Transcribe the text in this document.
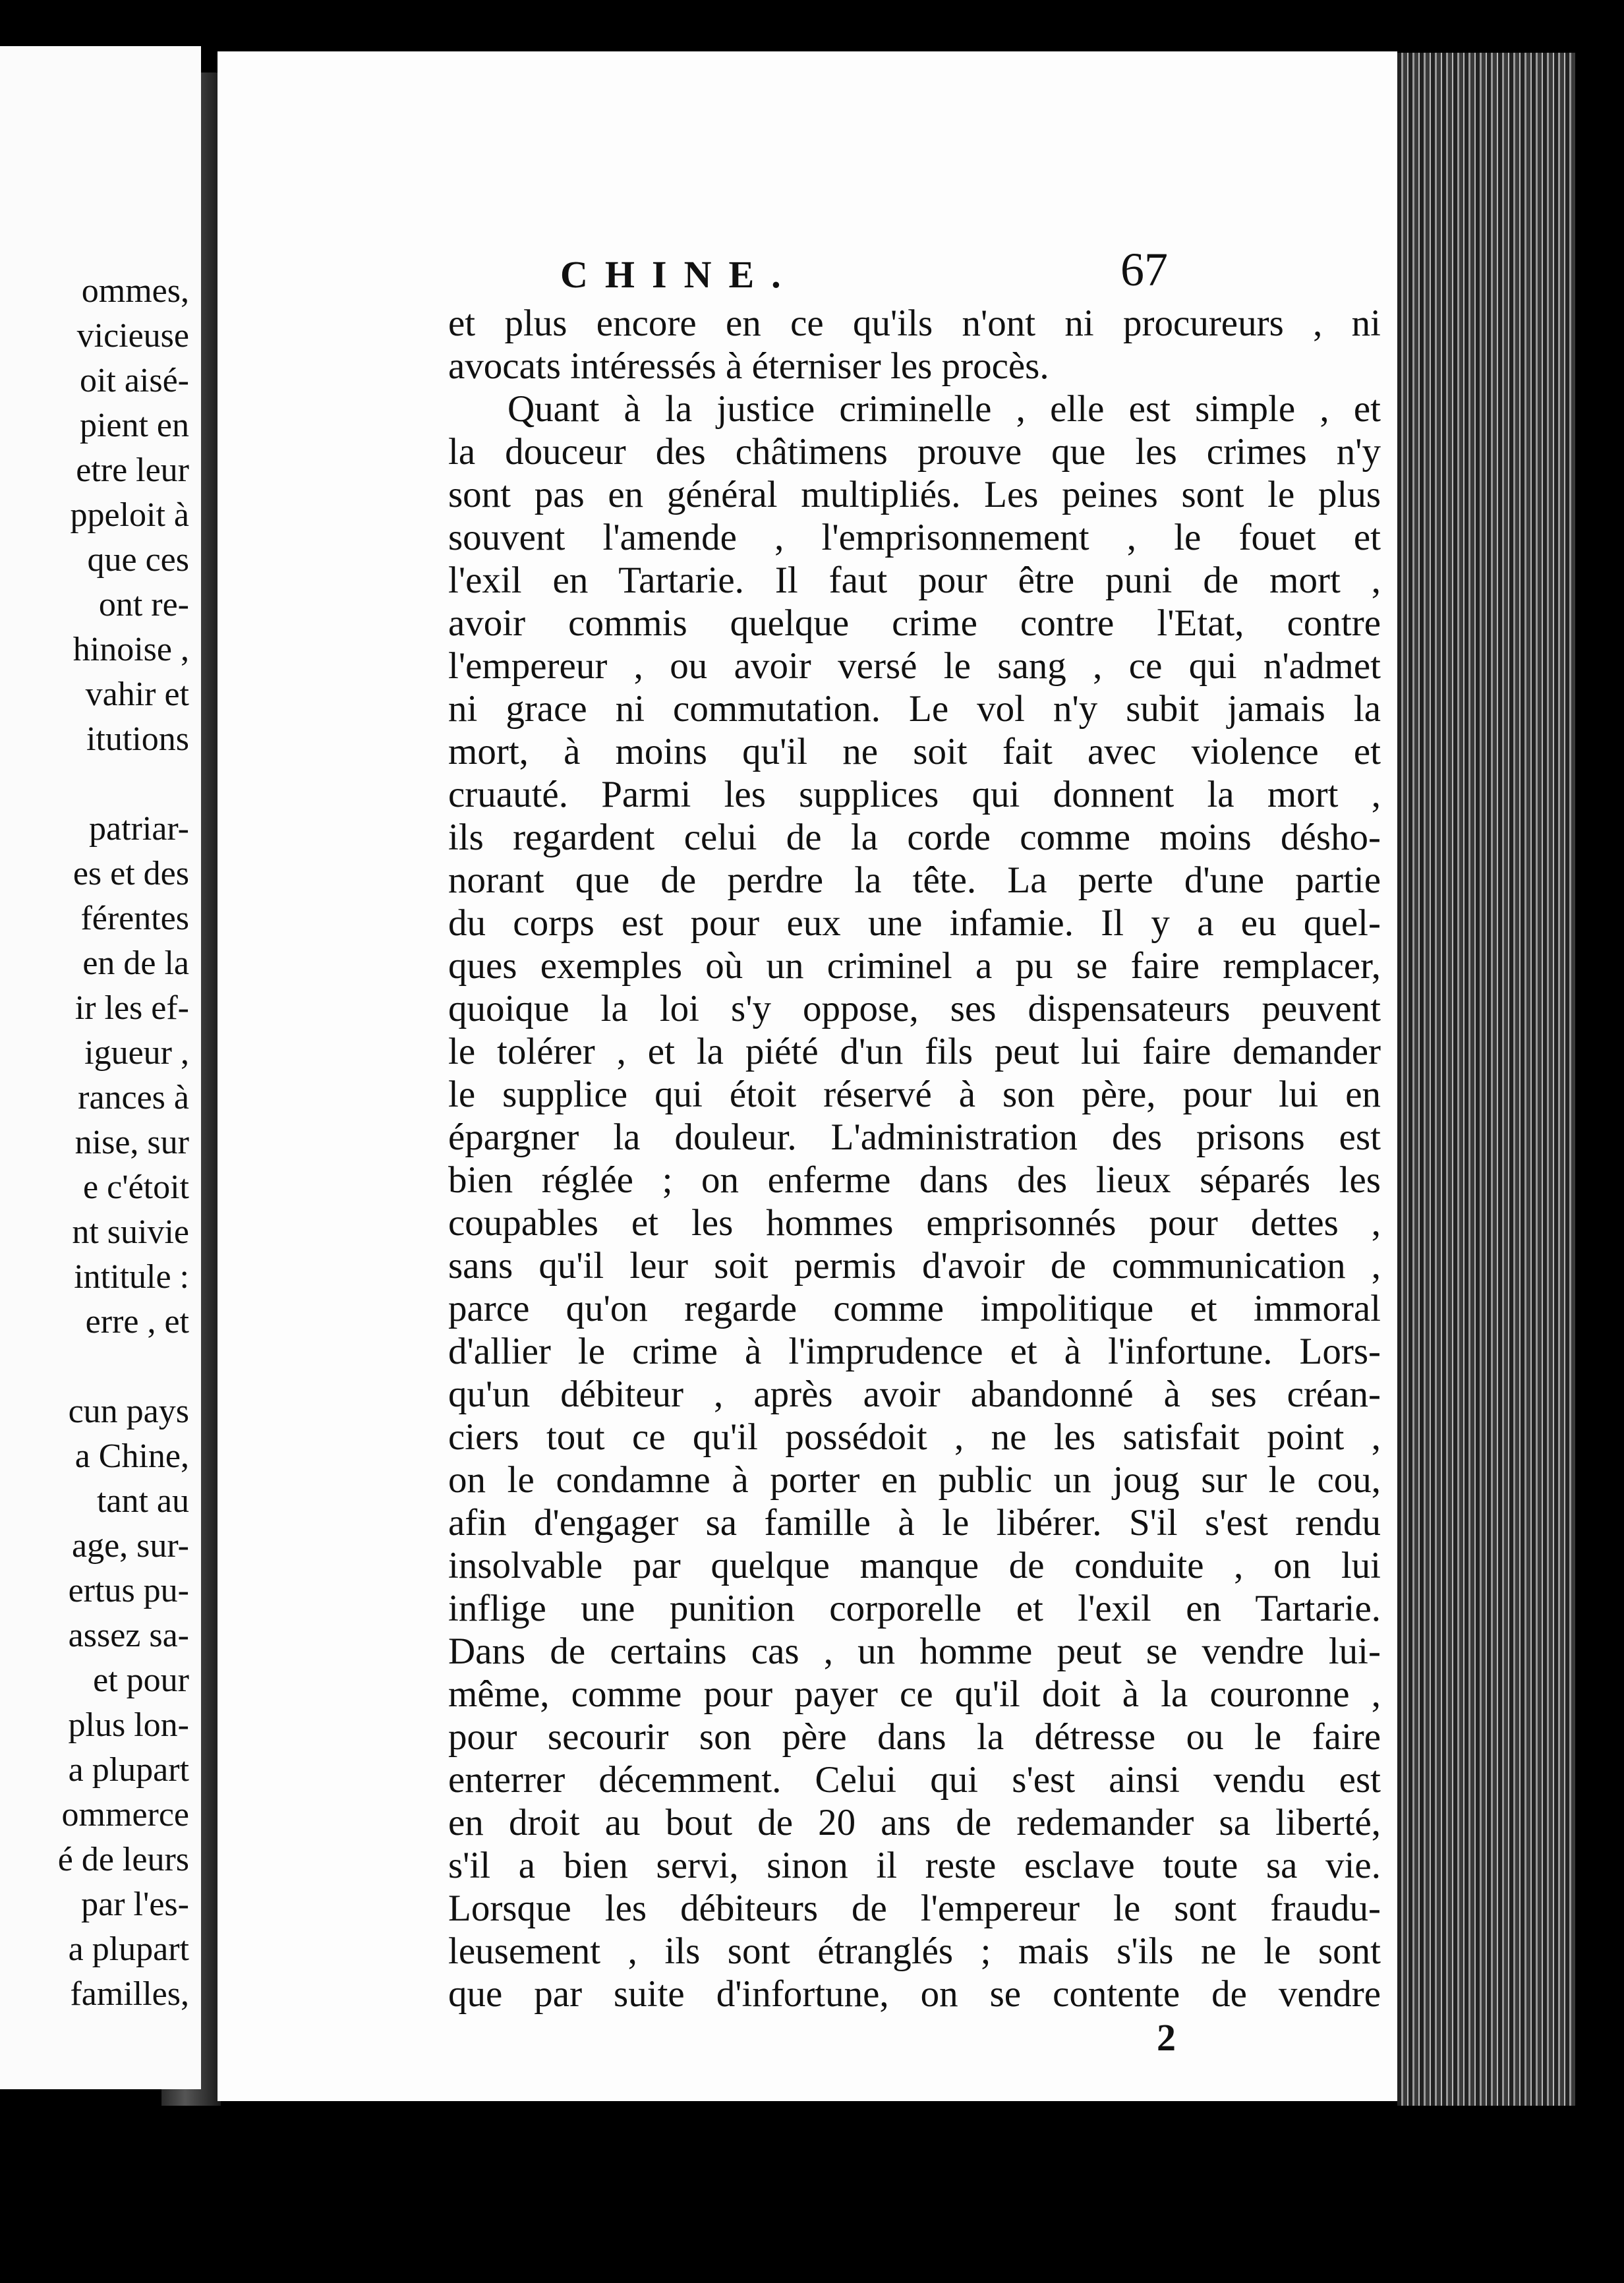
ommes,
vicieuse
oit aisé-
pient en
etre leur
ppeloit à
que ces
ont re-
hinoise ,
vahir et
itutions
patriar-
es et des
férentes
en de la
ir les ef-
igueur ,
rances à
nise, sur
e c'étoit
nt suivie
intitule :
erre , et
cun pays
a Chine,
tant au
age, sur-
ertus pu-
assez sa-
et pour
plus lon-
a plupart
ommerce
é de leurs
par l'es-
a plupart
familles,
CHINE.	67
et plus encore en ce qu'ils n'ont ni procureurs , ni
avocats intéressés à éterniser les procès.
Quant à la justice criminelle , elle est simple , et
la douceur des châtimens prouve que les crimes n'y
sont pas en général multipliés. Les peines sont le plus
souvent l'amende , l'emprisonnement , le fouet et
l'exil en Tartarie. Il faut pour être puni de mort ,
avoir commis quelque crime contre l'Etat, contre
l'empereur , ou avoir versé le sang , ce qui n'admet
ni grace ni commutation. Le vol n'y subit jamais la
mort, à moins qu'il ne soit fait avec violence et
cruauté. Parmi les supplices qui donnent la mort ,
ils regardent celui de la corde comme moins désho-
norant que de perdre la tête. La perte d'une partie
du corps est pour eux une infamie. Il y a eu quel-
ques exemples où un criminel a pu se faire remplacer,
quoique la loi s'y oppose, ses dispensateurs peuvent
le tolérer , et la piété d'un fils peut lui faire demander
le supplice qui étoit réservé à son père, pour lui en
épargner la douleur. L'administration des prisons est
bien réglée ; on enferme dans des lieux séparés les
coupables et les hommes emprisonnés pour dettes ,
sans qu'il leur soit permis d'avoir de communication ,
parce qu'on regarde comme impolitique et immoral
d'allier le crime à l'imprudence et à l'infortune. Lors-
qu'un débiteur , après avoir abandonné à ses créan-
ciers tout ce qu'il possédoit , ne les satisfait point ,
on le condamne à porter en public un joug sur le cou,
afin d'engager sa famille à le libérer. S'il s'est rendu
insolvable par quelque manque de conduite , on lui
inflige une punition corporelle et l'exil en Tartarie.
Dans de certains cas , un homme peut se vendre lui-
même, comme pour payer ce qu'il doit à la couronne ,
pour secourir son père dans la détresse ou le faire
enterrer décemment. Celui qui s'est ainsi vendu est
en droit au bout de 20 ans de redemander sa liberté,
s'il a bien servi, sinon il reste esclave toute sa vie.
Lorsque les débiteurs de l'empereur le sont fraudu-
leusement , ils sont étranglés ; mais s'ils ne le sont
que par suite d'infortune, on se contente de vendre
2
